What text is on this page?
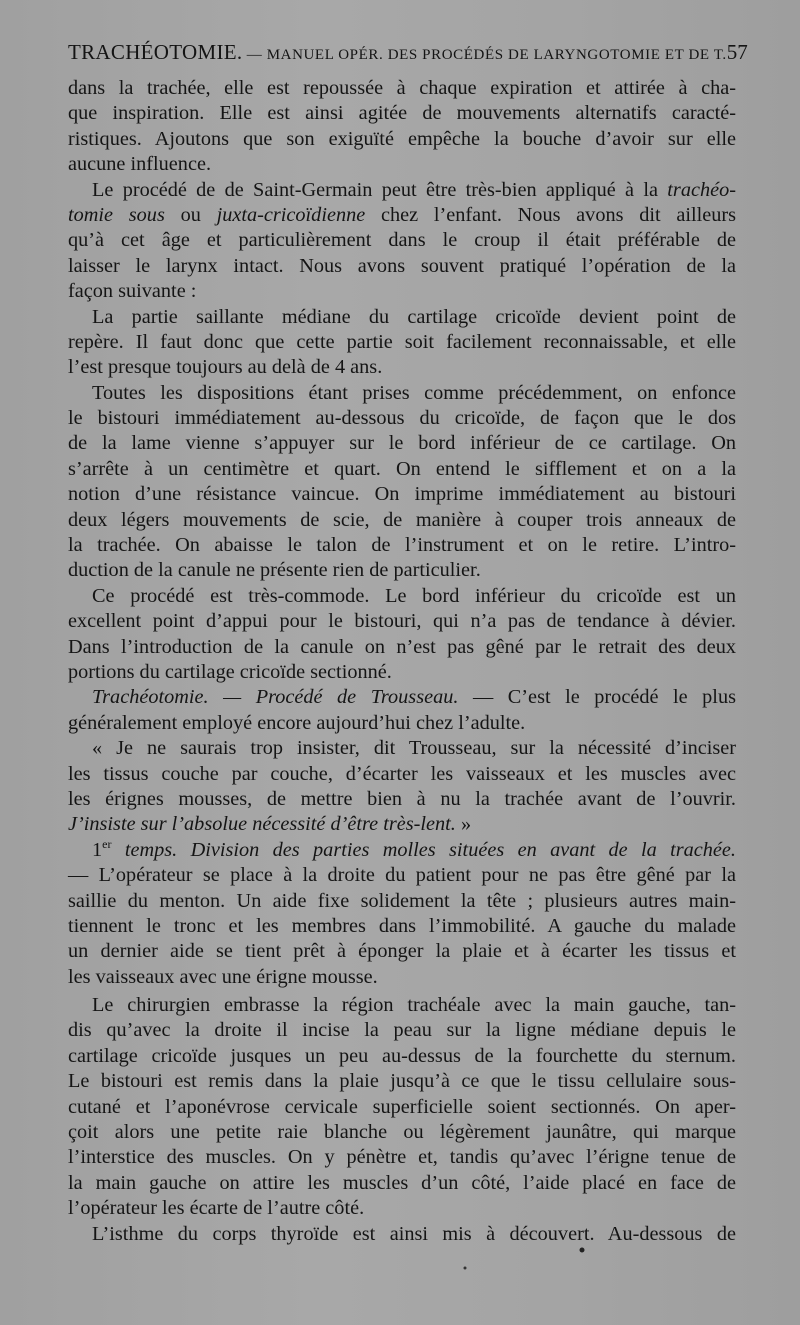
TRACHÉOTOMIE. — MANUEL OPÉR. DES PROCÉDÉS DE LARYNGOTOMIE ET DE T. 57
dans la trachée, elle est repoussée à chaque expiration et attirée à cha-
que inspiration. Elle est ainsi agitée de mouvements alternatifs caracté-
ristiques. Ajoutons que son exiguïté empêche la bouche d’avoir sur elle
aucune influence.
Le procédé de de Saint-Germain peut être très-bien appliqué à la trachéo-
tomie sous ou juxta-cricoïdienne chez l’enfant. Nous avons dit ailleurs
qu’à cet âge et particulièrement dans le croup il était préférable de
laisser le larynx intact. Nous avons souvent pratiqué l’opération de la
façon suivante :
La partie saillante médiane du cartilage cricoïde devient point de
repère. Il faut donc que cette partie soit facilement reconnaissable, et elle
l’est presque toujours au delà de 4 ans.
Toutes les dispositions étant prises comme précédemment, on enfonce
le bistouri immédiatement au-dessous du cricoïde, de façon que le dos
de la lame vienne s’appuyer sur le bord inférieur de ce cartilage. On
s’arrête à un centimètre et quart. On entend le sifflement et on a la
notion d’une résistance vaincue. On imprime immédiatement au bistouri
deux légers mouvements de scie, de manière à couper trois anneaux de
la trachée. On abaisse le talon de l’instrument et on le retire. L’intro-
duction de la canule ne présente rien de particulier.
Ce procédé est très-commode. Le bord inférieur du cricoïde est un
excellent point d’appui pour le bistouri, qui n’a pas de tendance à dévier.
Dans l’introduction de la canule on n’est pas gêné par le retrait des deux
portions du cartilage cricoïde sectionné.
Trachéotomie. — Procédé de Trousseau. — C’est le procédé le plus
généralement employé encore aujourd’hui chez l’adulte.
« Je ne saurais trop insister, dit Trousseau, sur la nécessité d’inciser
les tissus couche par couche, d’écarter les vaisseaux et les muscles avec
les érignes mousses, de mettre bien à nu la trachée avant de l’ouvrir.
J’insiste sur l’absolue nécessité d’être très-lent. »
1er temps. Division des parties molles situées en avant de la trachée.
— L’opérateur se place à la droite du patient pour ne pas être gêné par la
saillie du menton. Un aide fixe solidement la tête ; plusieurs autres main-
tiennent le tronc et les membres dans l’immobilité. A gauche du malade
un dernier aide se tient prêt à éponger la plaie et à écarter les tissus et
les vaisseaux avec une érigne mousse.
Le chirurgien embrasse la région trachéale avec la main gauche, tan-
dis qu’avec la droite il incise la peau sur la ligne médiane depuis le
cartilage cricoïde jusques un peu au-dessus de la fourchette du sternum.
Le bistouri est remis dans la plaie jusqu’à ce que le tissu cellulaire sous-
cutané et l’aponévrose cervicale superficielle soient sectionnés. On aper-
çoit alors une petite raie blanche ou légèrement jaunâtre, qui marque
l’interstice des muscles. On y pénètre et, tandis qu’avec l’érigne tenue de
la main gauche on attire les muscles d’un côté, l’aide placé en face de
l’opérateur les écarte de l’autre côté.
L’isthme du corps thyroïde est ainsi mis à découvert. Au-dessous de
